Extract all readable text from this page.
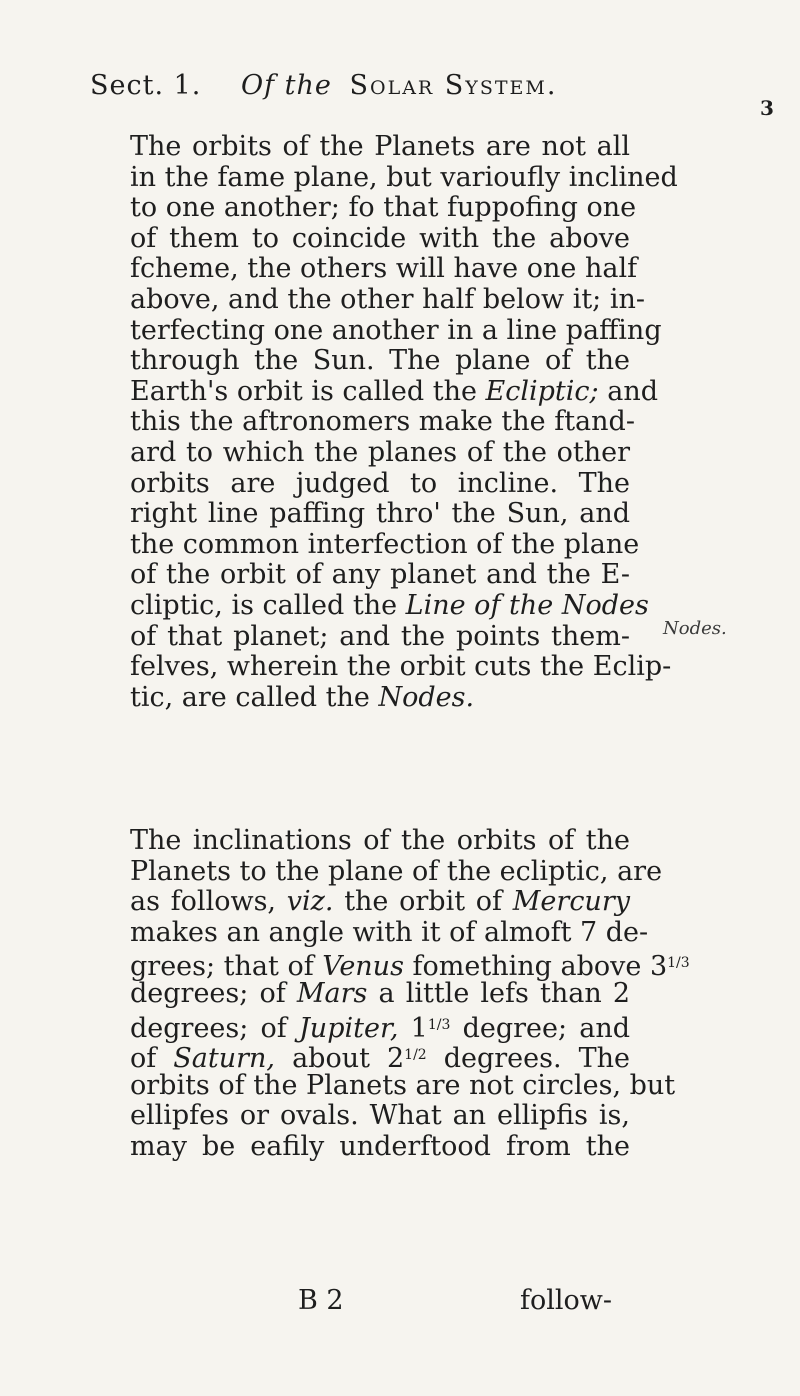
Sect. 1. Of the Solar System.
3
The orbits of the Planets are not all
in the fame plane, but varioufly inclined
to one another; fo that fuppofing one
of them to coincide with the above
fcheme, the others will have one half
above, and the other half below it; in-
terfecting one another in a line paffing
through the Sun. The plane of the
Earth's orbit is called the Ecliptic; and
this the aftronomers make the ftand-
ard to which the planes of the other
orbits are judged to incline. The
right line paffing thro' the Sun, and
the common interfection of the plane
of the orbit of any planet and the E-
cliptic, is called the Line of the Nodes
of that planet; and the points them-
felves, wherein the orbit cuts the Eclip-
tic, are called the Nodes.
Nodes.
The inclinations of the orbits of the
Planets to the plane of the ecliptic, are
as follows, viz. the orbit of Mercury
makes an angle with it of almoft 7 de-
grees; that of Venus fomething above $3^{1/3}$
degrees; of Mars a little lefs than 2
degrees; of Jupiter, $1^{1/3}$ degree; and
of Saturn, about $2^{1/2}$ degrees. The
orbits of the Planets are not circles, but
ellipfes or ovals. What an ellipfis is,
may be eafily underftood from the
B 2	follow-
